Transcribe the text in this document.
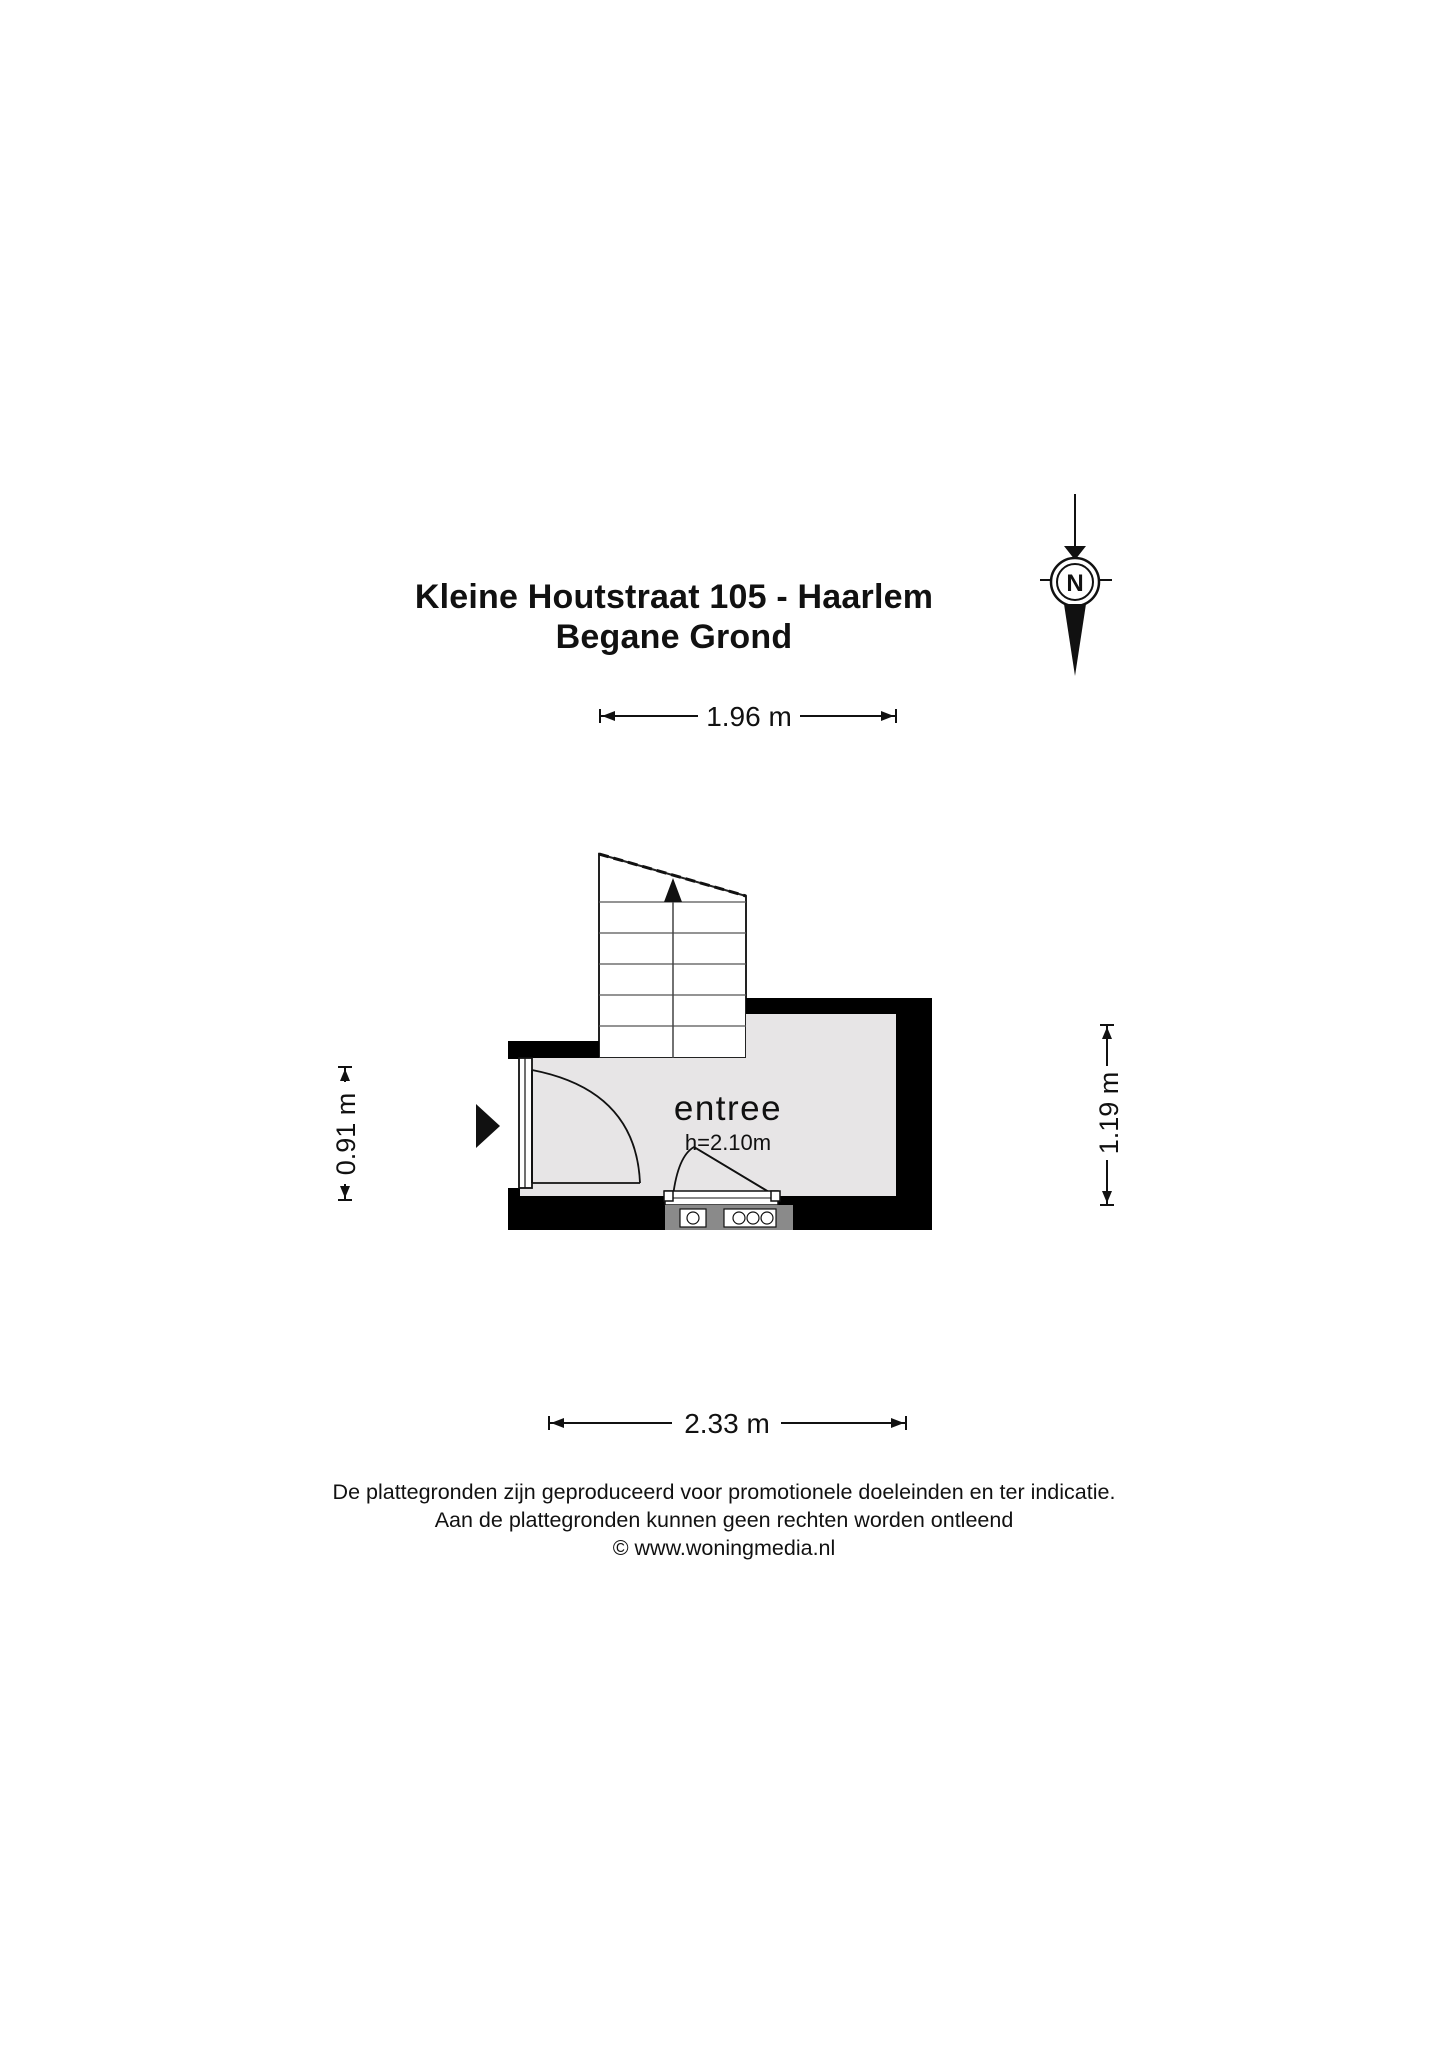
Kleine Houtstraat 105 - Haarlem
Begane Grond
N
1.96 m
entree
h=2.10m
0.91 m	1.19 m
2.33 m
De plattegronden zijn geproduceerd voor promotionele doeleinden en ter indicatie.
Aan de plattegronden kunnen geen rechten worden ontleend
© www.woningmedia.nl
